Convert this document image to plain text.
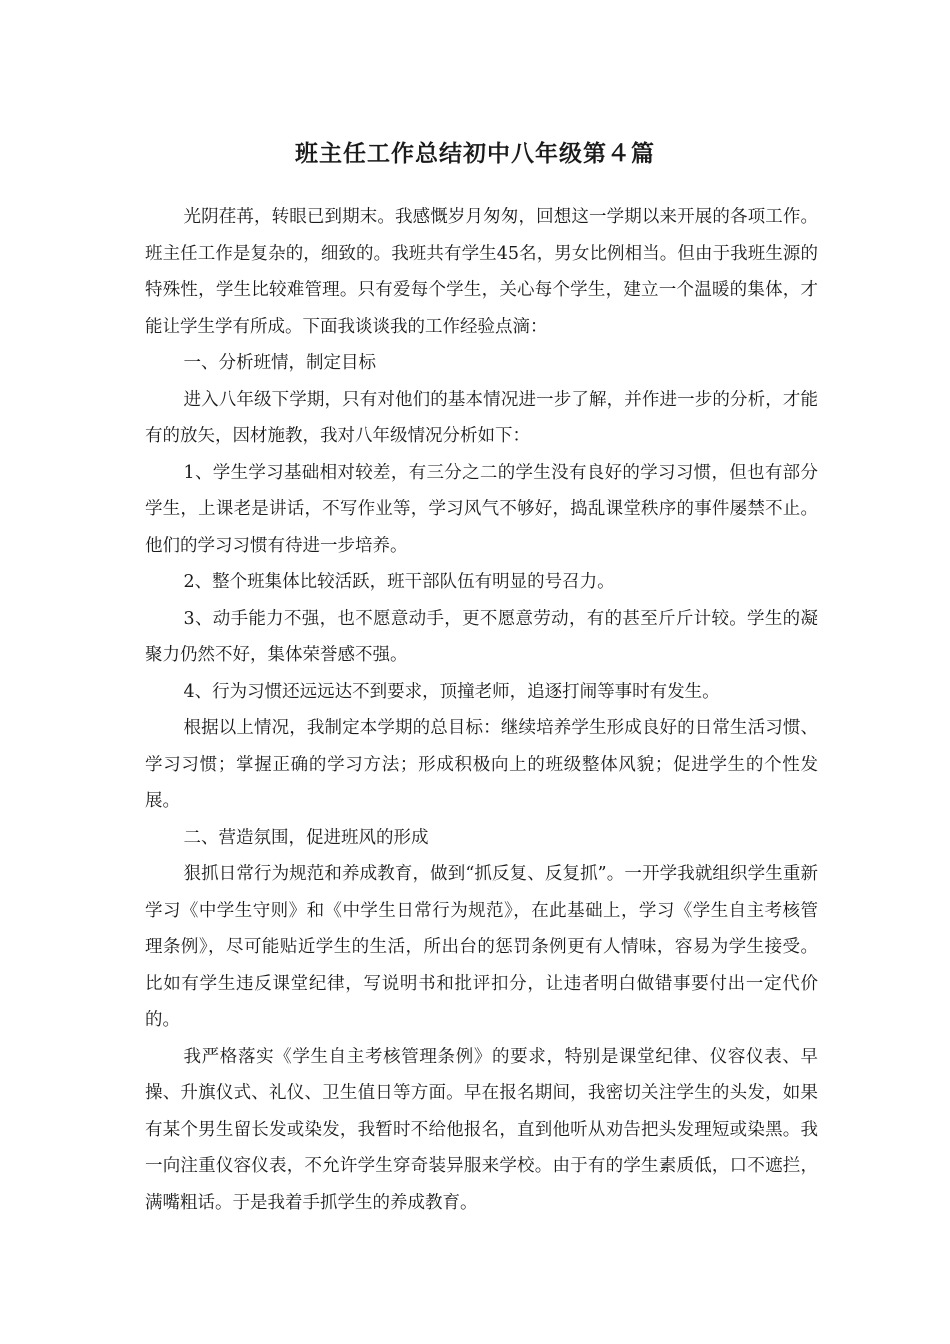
班主任工作总结初中八年级第４篇

光阴荏苒，转眼已到期末。我感慨岁月匆匆，回想这一学期以来开展的各项工作。班主任工作是复杂的，细致的。我班共有学生45名，男女比例相当。但由于我班生源的特殊性，学生比较难管理。只有爱每个学生，关心每个学生，建立一个温暖的集体，才能让学生学有所成。下面我谈谈我的工作经验点滴：

一、分析班情，制定目标

进入八年级下学期，只有对他们的基本情况进一步了解，并作进一步的分析，才能有的放矢，因材施教，我对八年级情况分析如下：

1、学生学习基础相对较差，有三分之二的学生没有良好的学习习惯，但也有部分学生，上课老是讲话，不写作业等，学习风气不够好，捣乱课堂秩序的事件屡禁不止。他们的学习习惯有待进一步培养。

2、整个班集体比较活跃，班干部队伍有明显的号召力。

3、动手能力不强，也不愿意动手，更不愿意劳动，有的甚至斤斤计较。学生的凝聚力仍然不好，集体荣誉感不强。

4、行为习惯还远远达不到要求，顶撞老师，追逐打闹等事时有发生。

根据以上情况，我制定本学期的总目标：继续培养学生形成良好的日常生活习惯、学习习惯；掌握正确的学习方法；形成积极向上的班级整体风貌；促进学生的个性发展。

二、营造氛围，促进班风的形成

狠抓日常行为规范和养成教育，做到“抓反复、反复抓”。一开学我就组织学生重新学习《中学生守则》和《中学生日常行为规范》，在此基础上，学习《学生自主考核管理条例》，尽可能贴近学生的生活，所出台的惩罚条例更有人情味，容易为学生接受。比如有学生违反课堂纪律，写说明书和批评扣分，让违者明白做错事要付出一定代价的。

我严格落实《学生自主考核管理条例》的要求，特别是课堂纪律、仪容仪表、早操、升旗仪式、礼仪、卫生值日等方面。早在报名期间，我密切关注学生的头发，如果有某个男生留长发或染发，我暂时不给他报名，直到他听从劝告把头发理短或染黑。我一向注重仪容仪表，不允许学生穿奇装异服来学校。由于有的学生素质低，口不遮拦，满嘴粗话。于是我着手抓学生的养成教育。
